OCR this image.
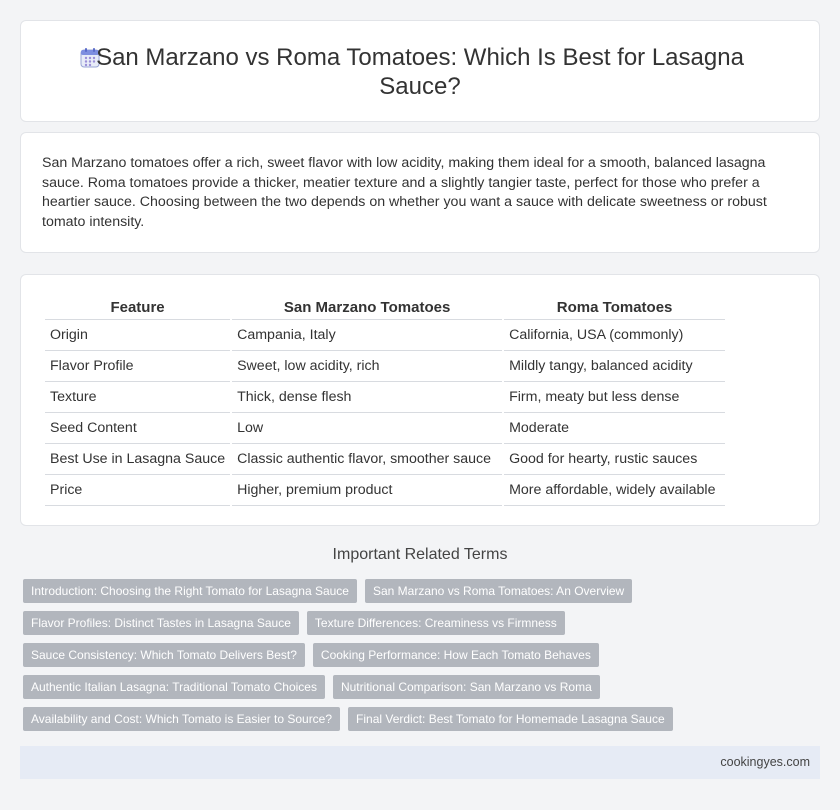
San Marzano vs Roma Tomatoes: Which Is Best for Lasagna Sauce?

San Marzano tomatoes offer a rich, sweet flavor with low acidity, making them ideal for a smooth, balanced lasagna sauce. Roma tomatoes provide a thicker, meatier texture and a slightly tangier taste, perfect for those who prefer a heartier sauce. Choosing between the two depends on whether you want a sauce with delicate sweetness or robust tomato intensity.

Feature	San Marzano Tomatoes	Roma Tomatoes
Origin	Campania, Italy	California, USA (commonly)
Flavor Profile	Sweet, low acidity, rich	Mildly tangy, balanced acidity
Texture	Thick, dense flesh	Firm, meaty but less dense
Seed Content	Low	Moderate
Best Use in Lasagna Sauce	Classic authentic flavor, smoother sauce	Good for hearty, rustic sauces
Price	Higher, premium product	More affordable, widely available
Important Related Terms
Introduction: Choosing the Right Tomato for Lasagna Sauce	San Marzano vs Roma Tomatoes: An Overview
Flavor Profiles: Distinct Tastes in Lasagna Sauce	Texture Differences: Creaminess vs Firmness
Sauce Consistency: Which Tomato Delivers Best?	Cooking Performance: How Each Tomato Behaves
Authentic Italian Lasagna: Traditional Tomato Choices	Nutritional Comparison: San Marzano vs Roma
Availability and Cost: Which Tomato is Easier to Source?	Final Verdict: Best Tomato for Homemade Lasagna Sauce
cookingyes.com
